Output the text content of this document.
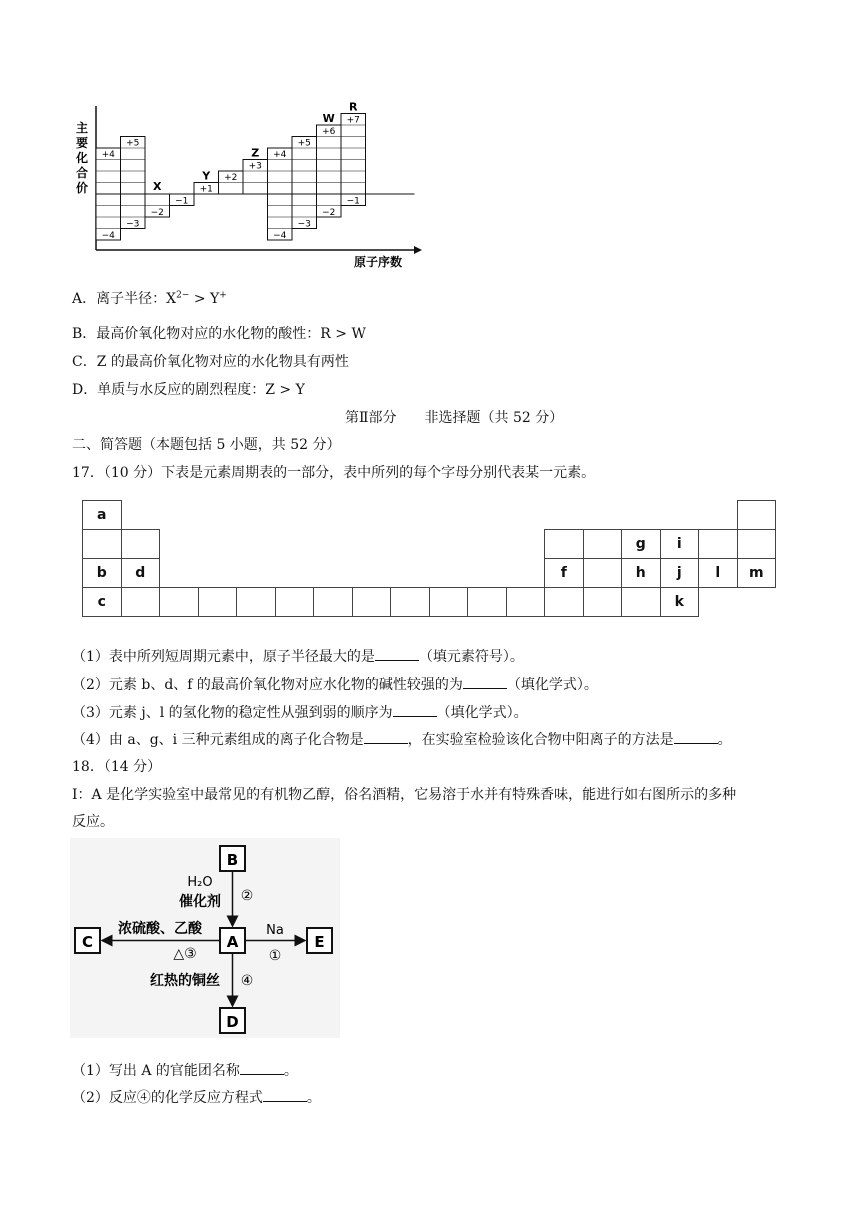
+4
−4
+5
−3
−2
X
−1
+1
Y +2
+3
Z +4
−4
+5
−3
+6
−2
W +7
−1
R
主
要
化
合
价
原子序数
A．离子半径：$X^{2-} > Y^+$
B．最高价氧化物对应的水化物的酸性：R > W
C．Z 的最高价氧化物对应的水化物具有两性
D．单质与水反应的剧烈程度：Z > Y
第Ⅱ部分 非选择题（共 52 分）
二、简答题（本题包括 5 小题，共 52 分）
17．（10 分）下表是元素周期表的一部分，表中所列的每个字母分别代表某一元素。
a																	
														g	i		
b	d											f		h	j	l	m
c															k		
（1）表中所列短周期元素中，原子半径最大的是	（填元素符号）。
（2）元素 b、d、f 的最高价氧化物对应水化物的碱性较强的为	（填化学式）。
（3）元素 j、l 的氢化物的稳定性从强到弱的顺序为	（填化学式）。
（4）由 a、g、i 三种元素组成的离子化合物是	，在实验室检验该化合物中阳离子的方法是	。
18．（14 分）
I：A 是化学实验室中最常见的有机物乙醇，俗名酒精，它易溶于水并有特殊香味，能进行如右图所示的多种
反应。
B
A
C	E
D
H₂O
催化剂 ②
浓硫酸、乙酸
△③
Na
①
红热的铜丝 ④
（1）写出 A 的官能团名称	。
（2）反应④的化学反应方程式	。
